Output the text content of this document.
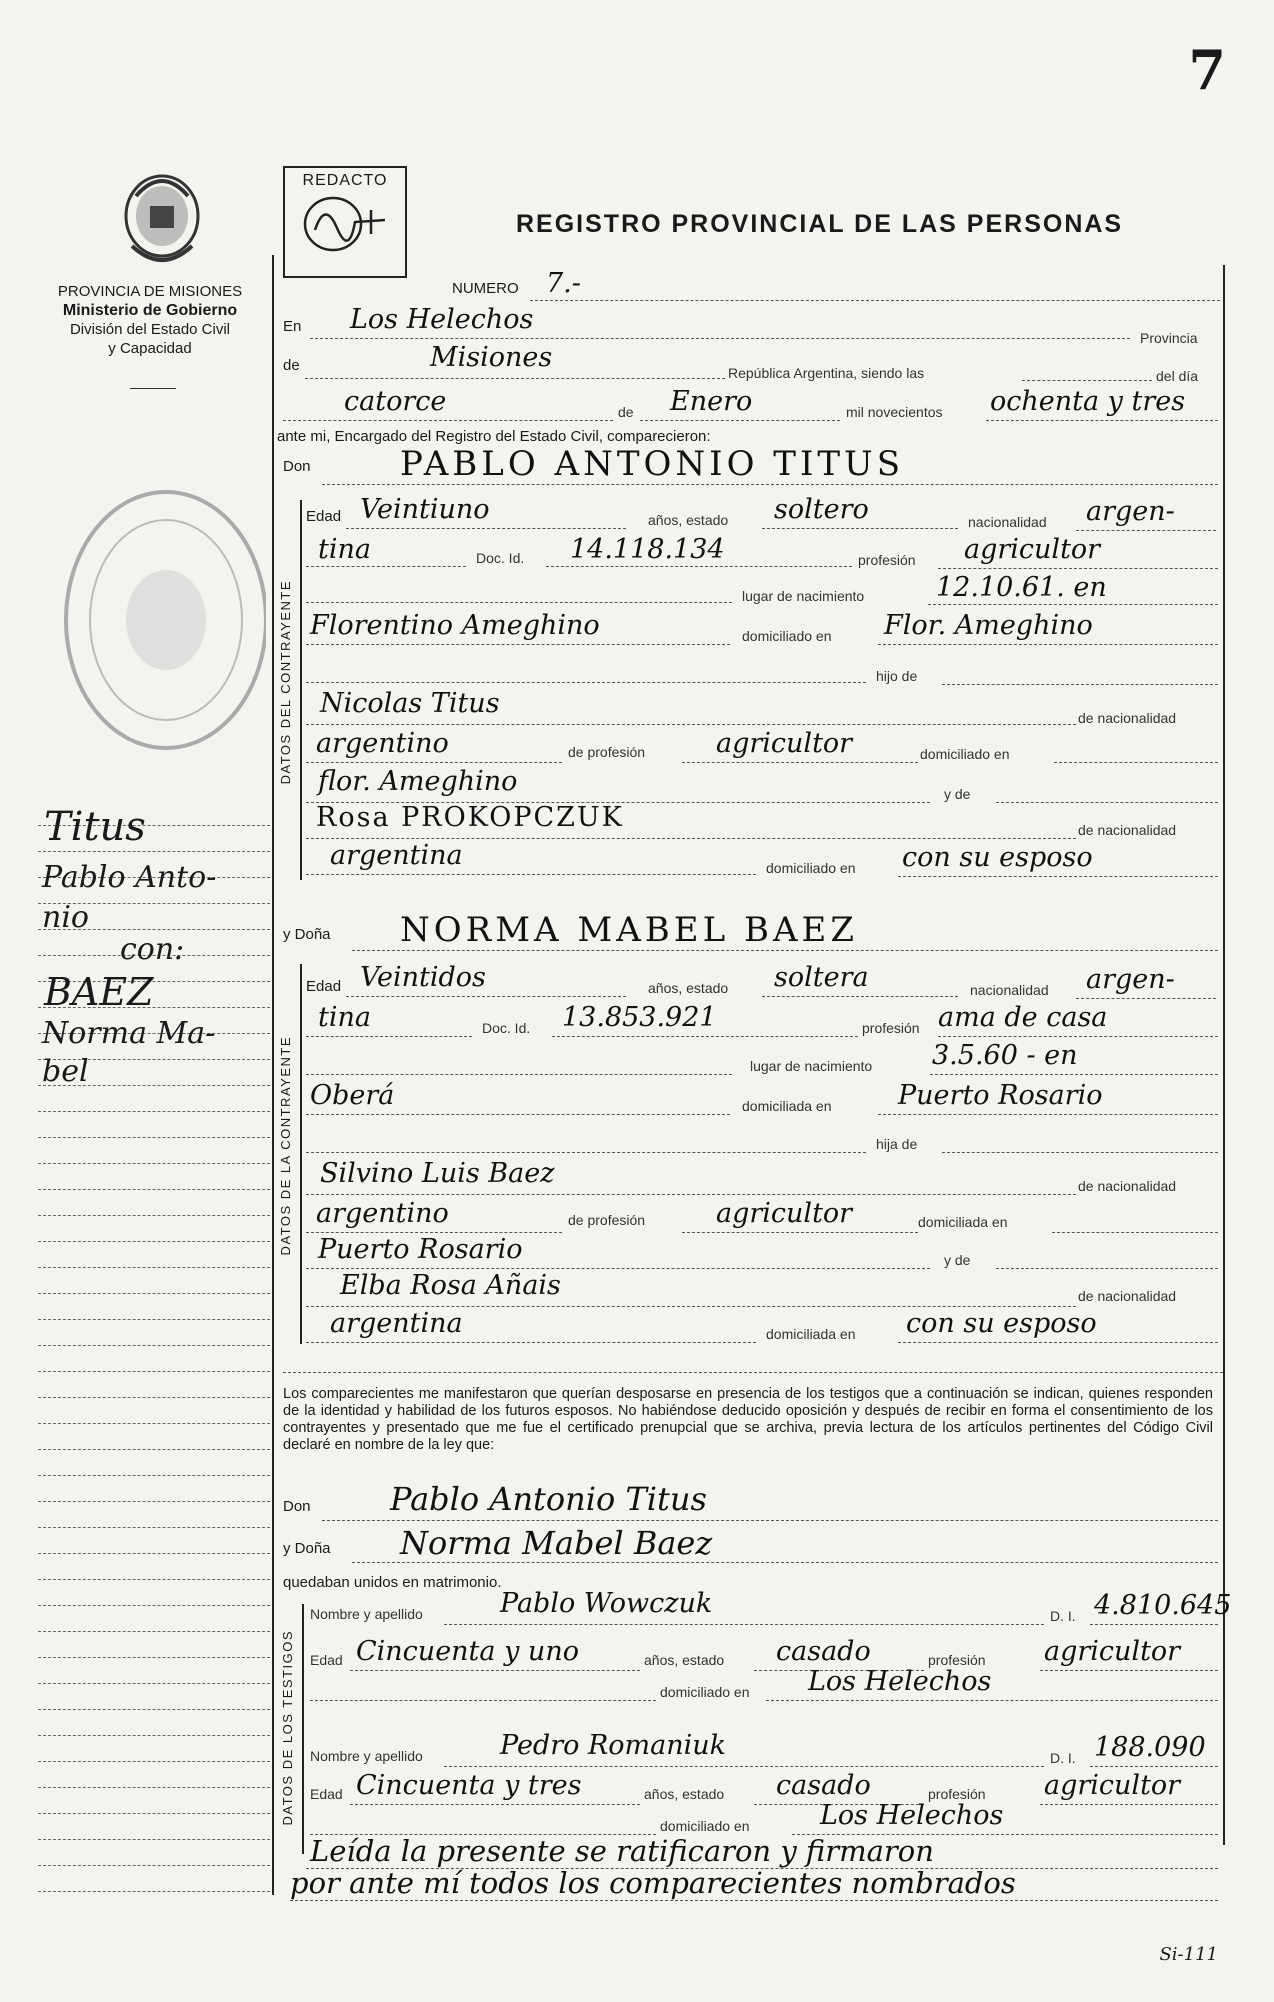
7
PROVINCIA DE MISIONES
Ministerio de Gobierno
División del Estado Civil
y Capacidad
Titus
Pablo Anto-
nio
con:
BAEZ
Norma Ma-
bel
REDACTO
REGISTRO PROVINCIAL DE LAS PERSONAS
NUMERO 7.-
En Los Helechos
Provincia
de	Misiones	República Argentina, siendo las	del día
catorce	de Enero	mil novecientos ochenta y tres
ante mi, Encargado del Registro del Estado Civil, comparecieron:
Don	PABLO ANTONIO TITUS
DATOS DEL CONTRAYENTE
Edad Veintiuno	años, estado soltero	nacionalidad argen-
tina	Doc. Id. 14.118.134	profesión agricultor
lugar de nacimiento	12.10.61. en
Florentino Ameghino	domiciliado en Flor. Ameghino
hijo de
Nicolas Titus	de nacionalidad
argentino	de profesión	agricultor	domiciliado en
flor. Ameghino	y de
Rosa PROKOPCZUK	de nacionalidad
argentina	domiciliado en con su esposo
y Doña NORMA MABEL BAEZ
DATOS DE LA CONTRAYENTE
Edad Veintidos	años, estado soltera	nacionalidad argen-
tina	Doc. Id. 13.853.921	profesión ama de casa
lugar de nacimiento 3.5.60 - en
Oberá	domiciliada en Puerto Rosario
hija de
Silvino Luis Baez	de nacionalidad
argentino	de profesión	agricultor	domiciliada en
Puerto Rosario	y de
Elba Rosa Añais	de nacionalidad
argentina	domiciliada en con su esposo
Los comparecientes me manifestaron que querían desposarse en presencia de los testigos que a continuación se indican, quienes responden de la identidad y habilidad de los futuros esposos. No habiéndose deducido oposición y después de recibir en forma el consentimiento de los contrayentes y presentado que me fue el certificado prenupcial que se archiva, previa lectura de los artículos pertinentes del Código Civil declaré en nombre de la ley que:
Don Pablo Antonio Titus
y Doña Norma Mabel Baez
quedaban unidos en matrimonio.
DATOS DE LOS TESTIGOS
Nombre y apellido	Pablo Wowczuk	D. I. 4.810.645
Edad Cincuenta y uno	años, estado casado	profesión agricultor
domiciliado en Los Helechos
Nombre y apellido	Pedro Romaniuk	D. I. 188.090
Edad Cincuenta y tres	años, estado casado	profesión agricultor
domiciliado en	Los Helechos
Leída la presente se ratificaron y firmaron
por ante mí todos los comparecientes nombrados
Si-111
